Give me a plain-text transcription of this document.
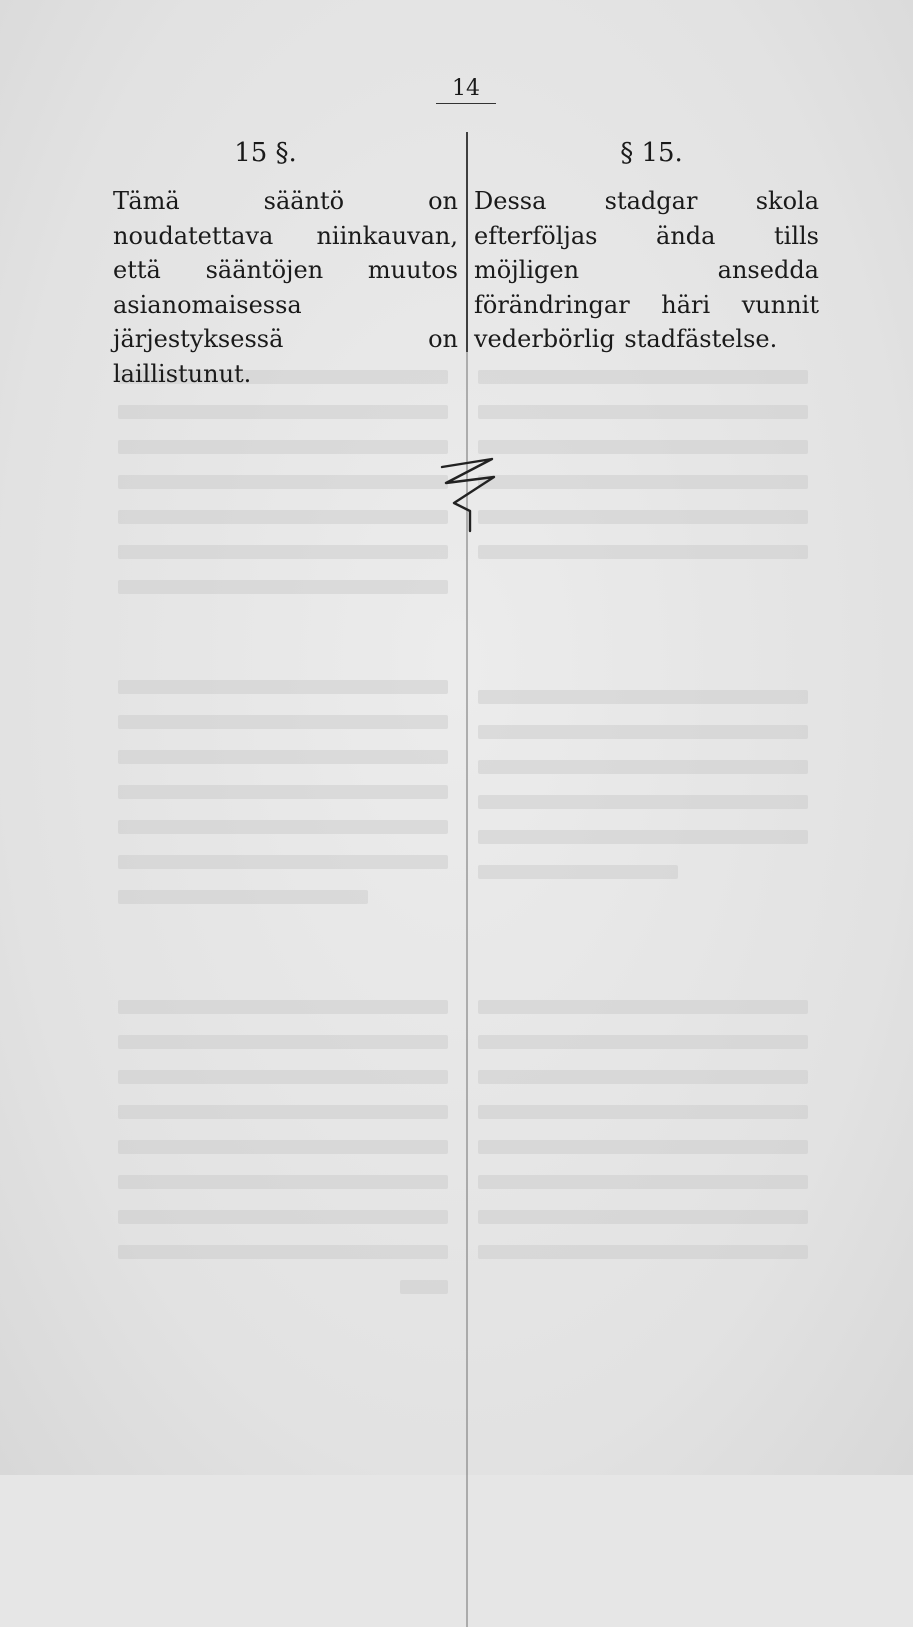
14
15 §.

Tämä sääntö on noudatettava niinkauvan, että sääntöjen muutos asianomaisessa järjestyksessä on laillistunut.

§ 15.

Dessa stadgar skola efterföljas ända tills möjligen ansedda förändringar häri vunnit vederbörlig stadfästelse.
